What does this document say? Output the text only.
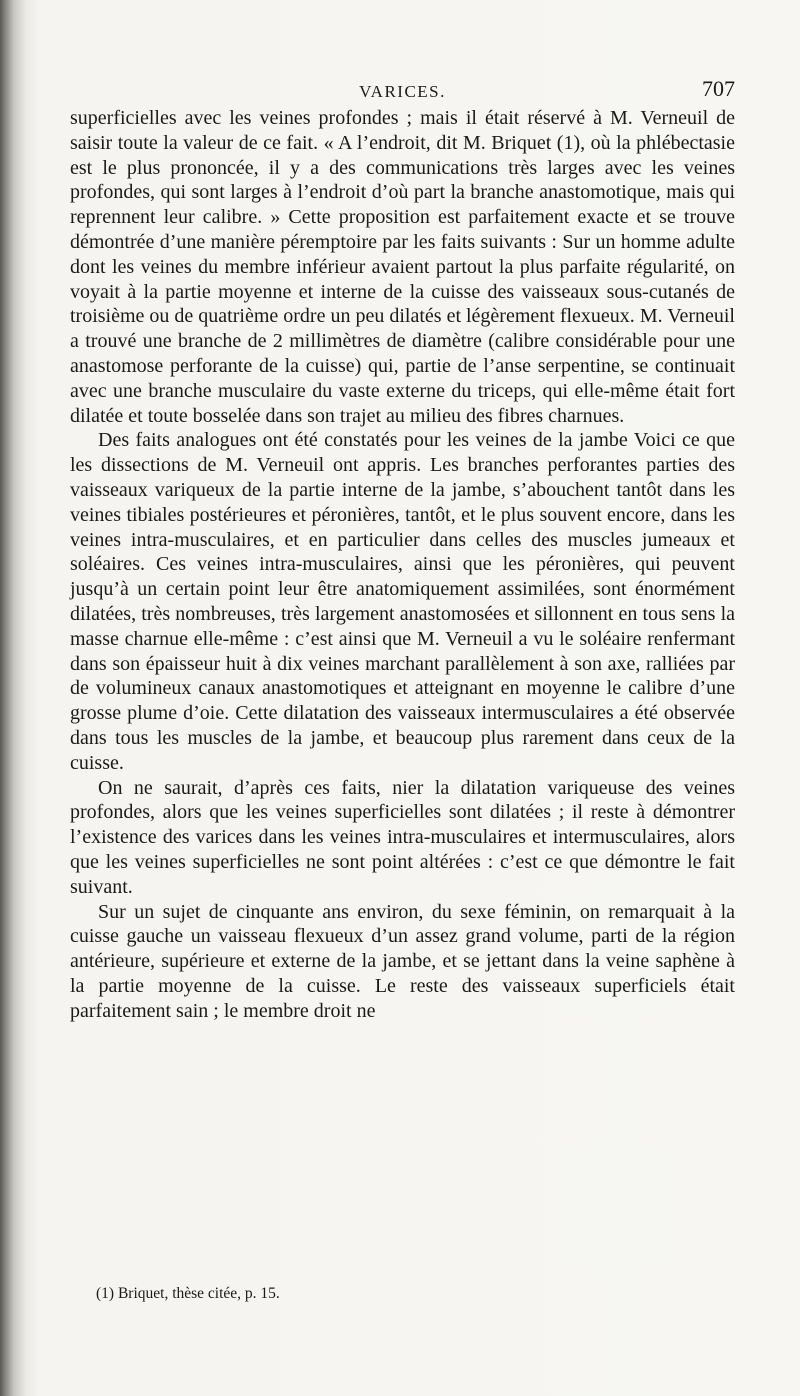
VARICES.	707

superficielles avec les veines profondes ; mais il était réservé à M. Verneuil de saisir toute la valeur de ce fait. « A l’endroit, dit M. Briquet (1), où la phlébectasie est le plus prononcée, il y a des communications très larges avec les veines profondes, qui sont larges à l’endroit d’où part la branche anastomotique, mais qui reprennent leur calibre. » Cette proposition est parfaitement exacte et se trouve démontrée d’une manière péremptoire par les faits suivants : Sur un homme adulte dont les veines du membre inférieur avaient partout la plus parfaite régularité, on voyait à la partie moyenne et interne de la cuisse des vaisseaux sous-cutanés de troisième ou de quatrième ordre un peu dilatés et légèrement flexueux. M. Verneuil a trouvé une branche de 2 millimètres de diamètre (calibre considérable pour une anastomose perforante de la cuisse) qui, partie de l’anse serpentine, se continuait avec une branche musculaire du vaste externe du triceps, qui elle-même était fort dilatée et toute bosselée dans son trajet au milieu des fibres charnues.

Des faits analogues ont été constatés pour les veines de la jambe Voici ce que les dissections de M. Verneuil ont appris. Les branches perforantes parties des vaisseaux variqueux de la partie interne de la jambe, s’abouchent tantôt dans les veines tibiales postérieures et péronières, tantôt, et le plus souvent encore, dans les veines intra-musculaires, et en particulier dans celles des muscles jumeaux et soléaires. Ces veines intra-musculaires, ainsi que les péronières, qui peuvent jusqu’à un certain point leur être anatomiquement assimilées, sont énormément dilatées, très nombreuses, très largement anastomosées et sillonnent en tous sens la masse charnue elle-même : c’est ainsi que M. Verneuil a vu le soléaire renfermant dans son épaisseur huit à dix veines marchant parallèlement à son axe, ralliées par de volumineux canaux anastomotiques et atteignant en moyenne le calibre d’une grosse plume d’oie. Cette dilatation des vaisseaux intermusculaires a été observée dans tous les muscles de la jambe, et beaucoup plus rarement dans ceux de la cuisse.

On ne saurait, d’après ces faits, nier la dilatation variqueuse des veines profondes, alors que les veines superficielles sont dilatées ; il reste à démontrer l’existence des varices dans les veines intra-musculaires et intermusculaires, alors que les veines superficielles ne sont point altérées : c’est ce que démontre le fait suivant.

Sur un sujet de cinquante ans environ, du sexe féminin, on remarquait à la cuisse gauche un vaisseau flexueux d’un assez grand volume, parti de la région antérieure, supérieure et externe de la jambe, et se jettant dans la veine saphène à la partie moyenne de la cuisse. Le reste des vaisseaux superficiels était parfaitement sain ; le membre droit ne

(1) Briquet, thèse citée, p. 15.
